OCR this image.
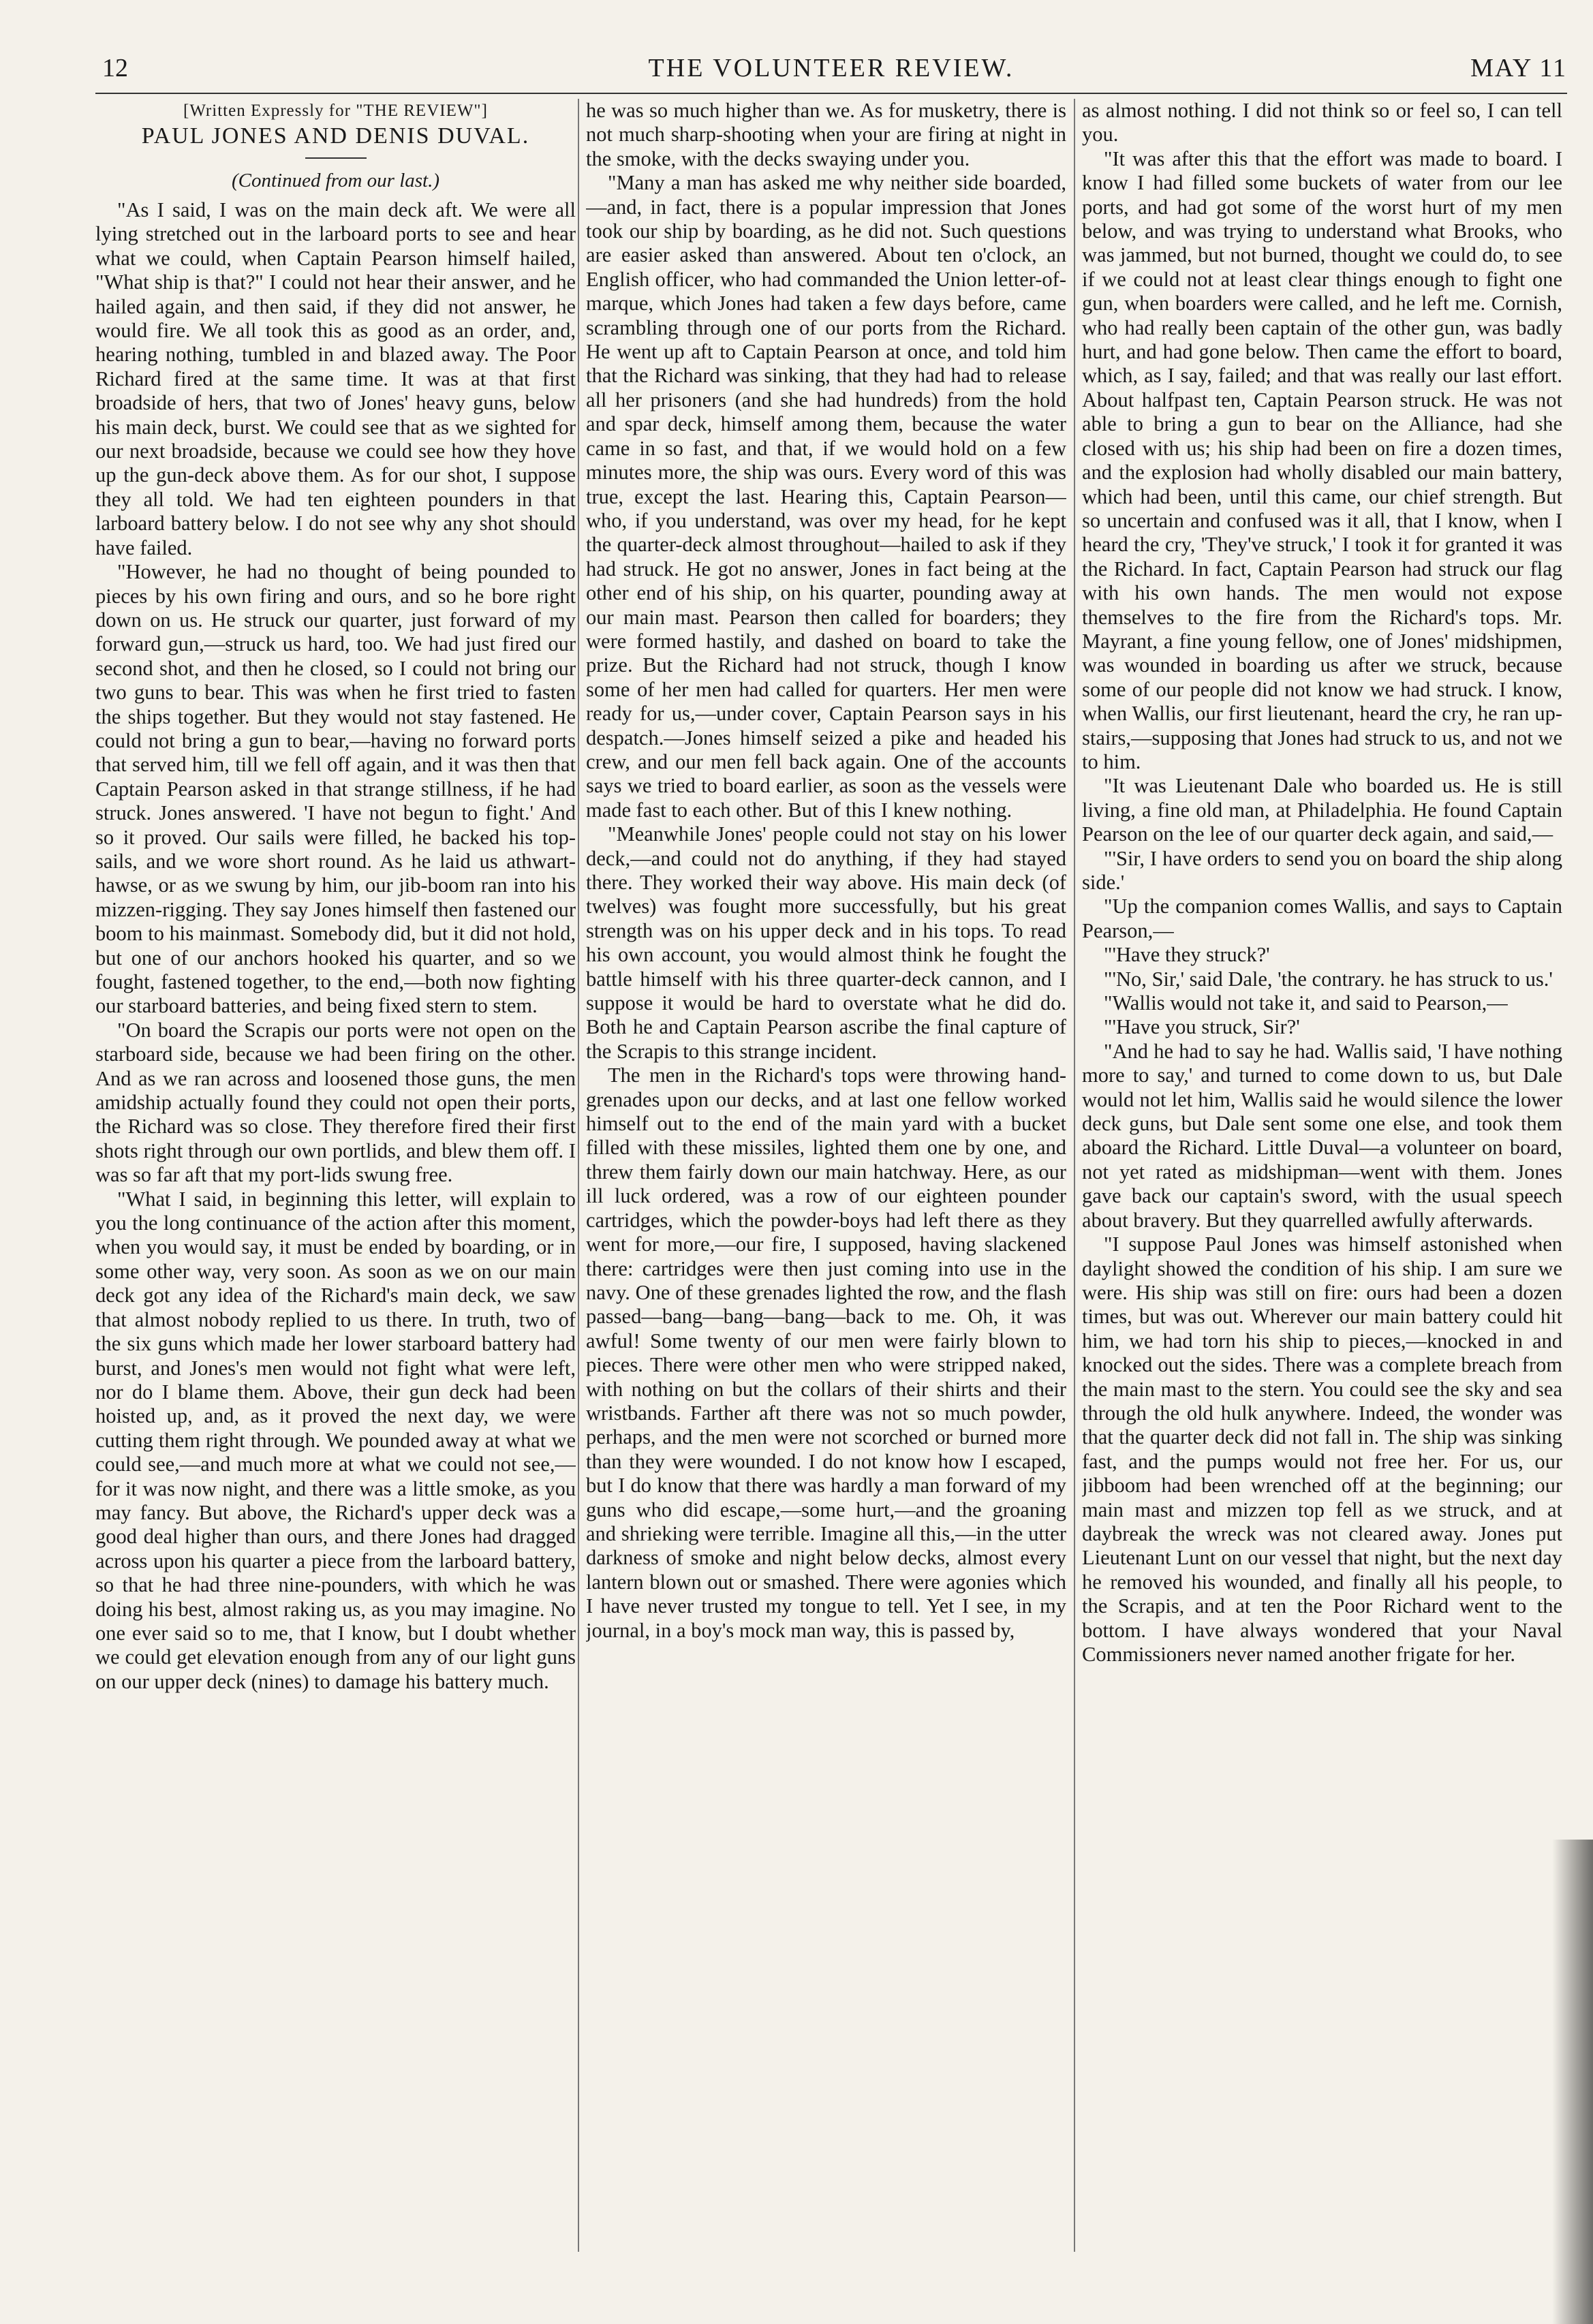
12	THE VOLUNTEER REVIEW.	MAY 11
[Written Expressly for "THE REVIEW"]
PAUL JONES AND DENIS DUVAL.
(Continued from our last.)

"As I said, I was on the main deck aft. We were all lying stretched out in the larboard ports to see and hear what we could, when Captain Pearson himself hailed, "What ship is that?" I could not hear their answer, and he hailed again, and then said, if they did not answer, he would fire. We all took this as good as an order, and, hearing nothing, tumbled in and blazed away. The Poor Richard fired at the same time. It was at that first broadside of hers, that two of Jones' heavy guns, below his main deck, burst. We could see that as we sighted for our next broadside, because we could see how they hove up the gun-deck above them. As for our shot, I suppose they all told. We had ten eighteen pounders in that larboard battery below. I do not see why any shot should have failed.

"However, he had no thought of being pounded to pieces by his own firing and ours, and so he bore right down on us. He struck our quarter, just forward of my forward gun,—struck us hard, too. We had just fired our second shot, and then he closed, so I could not bring our two guns to bear. This was when he first tried to fasten the ships together. But they would not stay fastened. He could not bring a gun to bear,—having no forward ports that served him, till we fell off again, and it was then that Captain Pearson asked in that strange stillness, if he had struck. Jones answered. 'I have not begun to fight.' And so it proved. Our sails were filled, he backed his top-sails, and we wore short round. As he laid us athwart-hawse, or as we swung by him, our jib-boom ran into his mizzen-rigging. They say Jones himself then fastened our boom to his mainmast. Somebody did, but it did not hold, but one of our anchors hooked his quarter, and so we fought, fastened together, to the end,—both now fighting our starboard batteries, and being fixed stern to stem.

"On board the Scrapis our ports were not open on the starboard side, because we had been firing on the other. And as we ran across and loosened those guns, the men amidship actually found they could not open their ports, the Richard was so close. They therefore fired their first shots right through our own portlids, and blew them off. I was so far aft that my port-lids swung free.

"What I said, in beginning this letter, will explain to you the long continuance of the action after this moment, when you would say, it must be ended by boarding, or in some other way, very soon. As soon as we on our main deck got any idea of the Richard's main deck, we saw that almost nobody replied to us there. In truth, two of the six guns which made her lower starboard battery had burst, and Jones's men would not fight what were left, nor do I blame them. Above, their gun deck had been hoisted up, and, as it proved the next day, we were cutting them right through. We pounded away at what we could see,—and much more at what we could not see,—for it was now night, and there was a little smoke, as you may fancy. But above, the Richard's upper deck was a good deal higher than ours, and there Jones had dragged across upon his quarter a piece from the larboard battery, so that he had three nine-pounders, with which he was doing his best, almost raking us, as you may imagine. No one ever said so to me, that I know, but I doubt whether we could get elevation enough from any of our light guns on our upper deck (nines) to damage his battery much.

he was so much higher than we. As for musketry, there is not much sharp-shooting when your are firing at night in the smoke, with the decks swaying under you.

"Many a man has asked me why neither side boarded,—and, in fact, there is a popular impression that Jones took our ship by boarding, as he did not. Such questions are easier asked than answered. About ten o'clock, an English officer, who had commanded the Union letter-of-marque, which Jones had taken a few days before, came scrambling through one of our ports from the Richard. He went up aft to Captain Pearson at once, and told him that the Richard was sinking, that they had had to release all her prisoners (and she had hundreds) from the hold and spar deck, himself among them, because the water came in so fast, and that, if we would hold on a few minutes more, the ship was ours. Every word of this was true, except the last. Hearing this, Captain Pearson—who, if you understand, was over my head, for he kept the quarter-deck almost throughout—hailed to ask if they had struck. He got no answer, Jones in fact being at the other end of his ship, on his quarter, pounding away at our main mast. Pearson then called for boarders; they were formed hastily, and dashed on board to take the prize. But the Richard had not struck, though I know some of her men had called for quarters. Her men were ready for us,—under cover, Captain Pearson says in his despatch.—Jones himself seized a pike and headed his crew, and our men fell back again. One of the accounts says we tried to board earlier, as soon as the vessels were made fast to each other. But of this I knew nothing.

"Meanwhile Jones' people could not stay on his lower deck,—and could not do anything, if they had stayed there. They worked their way above. His main deck (of twelves) was fought more successfully, but his great strength was on his upper deck and in his tops. To read his own account, you would almost think he fought the battle himself with his three quarter-deck cannon, and I suppose it would be hard to overstate what he did do. Both he and Captain Pearson ascribe the final capture of the Scrapis to this strange incident.

The men in the Richard's tops were throwing hand-grenades upon our decks, and at last one fellow worked himself out to the end of the main yard with a bucket filled with these missiles, lighted them one by one, and threw them fairly down our main hatchway. Here, as our ill luck ordered, was a row of our eighteen pounder cartridges, which the powder-boys had left there as they went for more,—our fire, I supposed, having slackened there: cartridges were then just coming into use in the navy. One of these grenades lighted the row, and the flash passed—bang—bang—bang—back to me. Oh, it was awful! Some twenty of our men were fairly blown to pieces. There were other men who were stripped naked, with nothing on but the collars of their shirts and their wristbands. Farther aft there was not so much powder, perhaps, and the men were not scorched or burned more than they were wounded. I do not know how I escaped, but I do know that there was hardly a man forward of my guns who did escape,—some hurt,—and the groaning and shrieking were terrible. Imagine all this,—in the utter darkness of smoke and night below decks, almost every lantern blown out or smashed. There were agonies which I have never trusted my tongue to tell. Yet I see, in my journal, in a boy's mock man way, this is passed by,

as almost nothing. I did not think so or feel so, I can tell you.

"It was after this that the effort was made to board. I know I had filled some buckets of water from our lee ports, and had got some of the worst hurt of my men below, and was trying to understand what Brooks, who was jammed, but not burned, thought we could do, to see if we could not at least clear things enough to fight one gun, when boarders were called, and he left me. Cornish, who had really been captain of the other gun, was badly hurt, and had gone below. Then came the effort to board, which, as I say, failed; and that was really our last effort. About halfpast ten, Captain Pearson struck. He was not able to bring a gun to bear on the Alliance, had she closed with us; his ship had been on fire a dozen times, and the explosion had wholly disabled our main battery, which had been, until this came, our chief strength. But so uncertain and confused was it all, that I know, when I heard the cry, 'They've struck,' I took it for granted it was the Richard. In fact, Captain Pearson had struck our flag with his own hands. The men would not expose themselves to the fire from the Richard's tops. Mr. Mayrant, a fine young fellow, one of Jones' midshipmen, was wounded in boarding us after we struck, because some of our people did not know we had struck. I know, when Wallis, our first lieutenant, heard the cry, he ran up-stairs,—supposing that Jones had struck to us, and not we to him.

"It was Lieutenant Dale who boarded us. He is still living, a fine old man, at Philadelphia. He found Captain Pearson on the lee of our quarter deck again, and said,—

"'Sir, I have orders to send you on board the ship along side.'

"Up the companion comes Wallis, and says to Captain Pearson,—

"'Have they struck?'

"'No, Sir,' said Dale, 'the contrary. he has struck to us.'

"Wallis would not take it, and said to Pearson,—

"'Have you struck, Sir?'

"And he had to say he had. Wallis said, 'I have nothing more to say,' and turned to come down to us, but Dale would not let him, Wallis said he would silence the lower deck guns, but Dale sent some one else, and took them aboard the Richard. Little Duval—a volunteer on board, not yet rated as midshipman—went with them. Jones gave back our captain's sword, with the usual speech about bravery. But they quarrelled awfully afterwards.

"I suppose Paul Jones was himself astonished when daylight showed the condition of his ship. I am sure we were. His ship was still on fire: ours had been a dozen times, but was out. Wherever our main battery could hit him, we had torn his ship to pieces,—knocked in and knocked out the sides. There was a complete breach from the main mast to the stern. You could see the sky and sea through the old hulk anywhere. Indeed, the wonder was that the quarter deck did not fall in. The ship was sinking fast, and the pumps would not free her. For us, our jibboom had been wrenched off at the beginning; our main mast and mizzen top fell as we struck, and at daybreak the wreck was not cleared away. Jones put Lieutenant Lunt on our vessel that night, but the next day he removed his wounded, and finally all his people, to the Scrapis, and at ten the Poor Richard went to the bottom. I have always wondered that your Naval Commissioners never named another frigate for her.
